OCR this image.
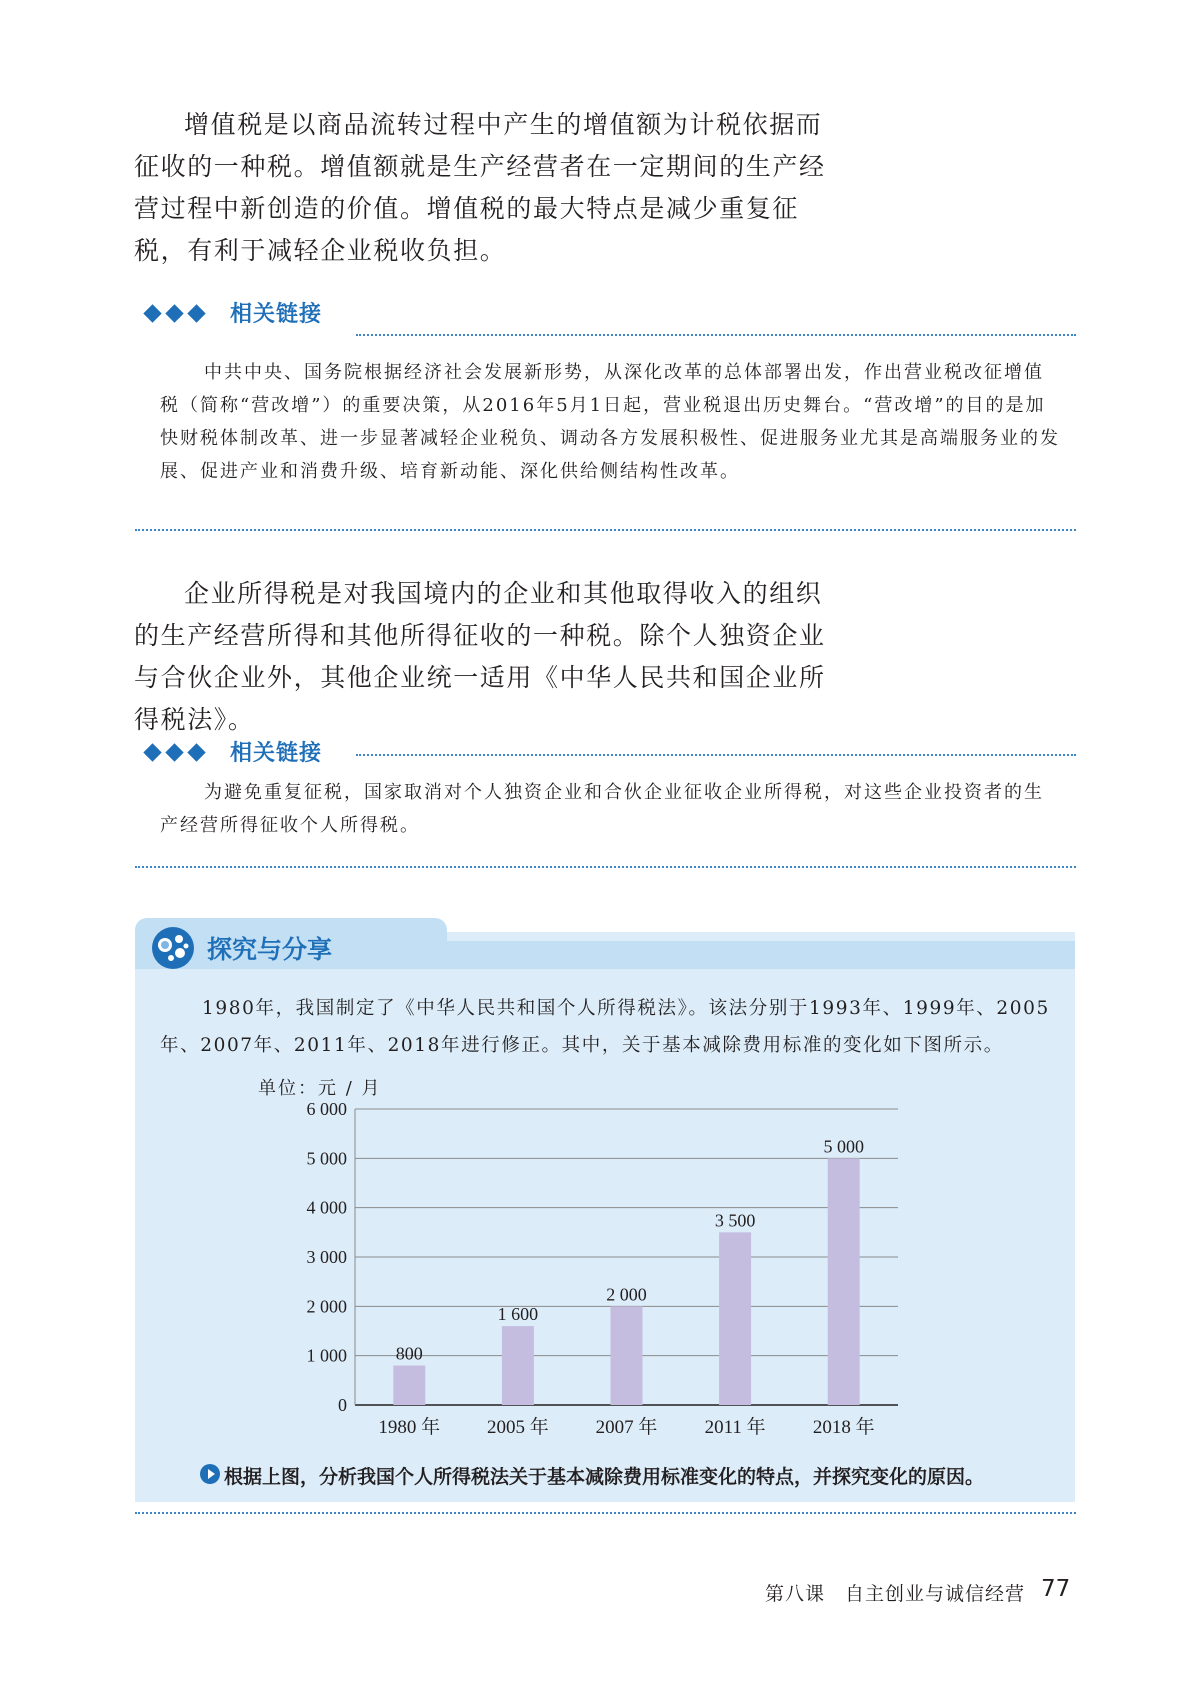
增值税是以商品流转过程中产生的增值额为计税依据而征收的一种税。增值额就是生产经营者在一定期间的生产经营过程中新创造的价值。增值税的最大特点是减少重复征税，有利于减轻企业税收负担。
相关链接
中共中央、国务院根据经济社会发展新形势，从深化改革的总体部署出发，作出营业税改征增值税（简称“营改增”）的重要决策，从2016年5月1日起，营业税退出历史舞台。“营改增”的目的是加快财税体制改革、进一步显著减轻企业税负、调动各方发展积极性、促进服务业尤其是高端服务业的发展、促进产业和消费升级、培育新动能、深化供给侧结构性改革。
企业所得税是对我国境内的企业和其他取得收入的组织的生产经营所得和其他所得征收的一种税。除个人独资企业与合伙企业外，其他企业统一适用《中华人民共和国企业所得税法》。
相关链接
为避免重复征税，国家取消对个人独资企业和合伙企业征收企业所得税，对这些企业投资者的生产经营所得征收个人所得税。
探究与分享
1980年，我国制定了《中华人民共和国个人所得税法》。该法分别于1993年、1999年、2005年、2007年、2011年、2018年进行修正。其中，关于基本减除费用标准的变化如下图所示。
单位：元 / 月
0
1 000
2 000
3 000
4 000
5 000
6 000
800
1980 年
1 600
2005 年
2 000
2007 年
3 500
2011 年
5 000
2018 年
根据上图，分析我国个人所得税法关于基本减除费用标准变化的特点，并探究变化的原因。
第八课　自主创业与诚信经营 77
